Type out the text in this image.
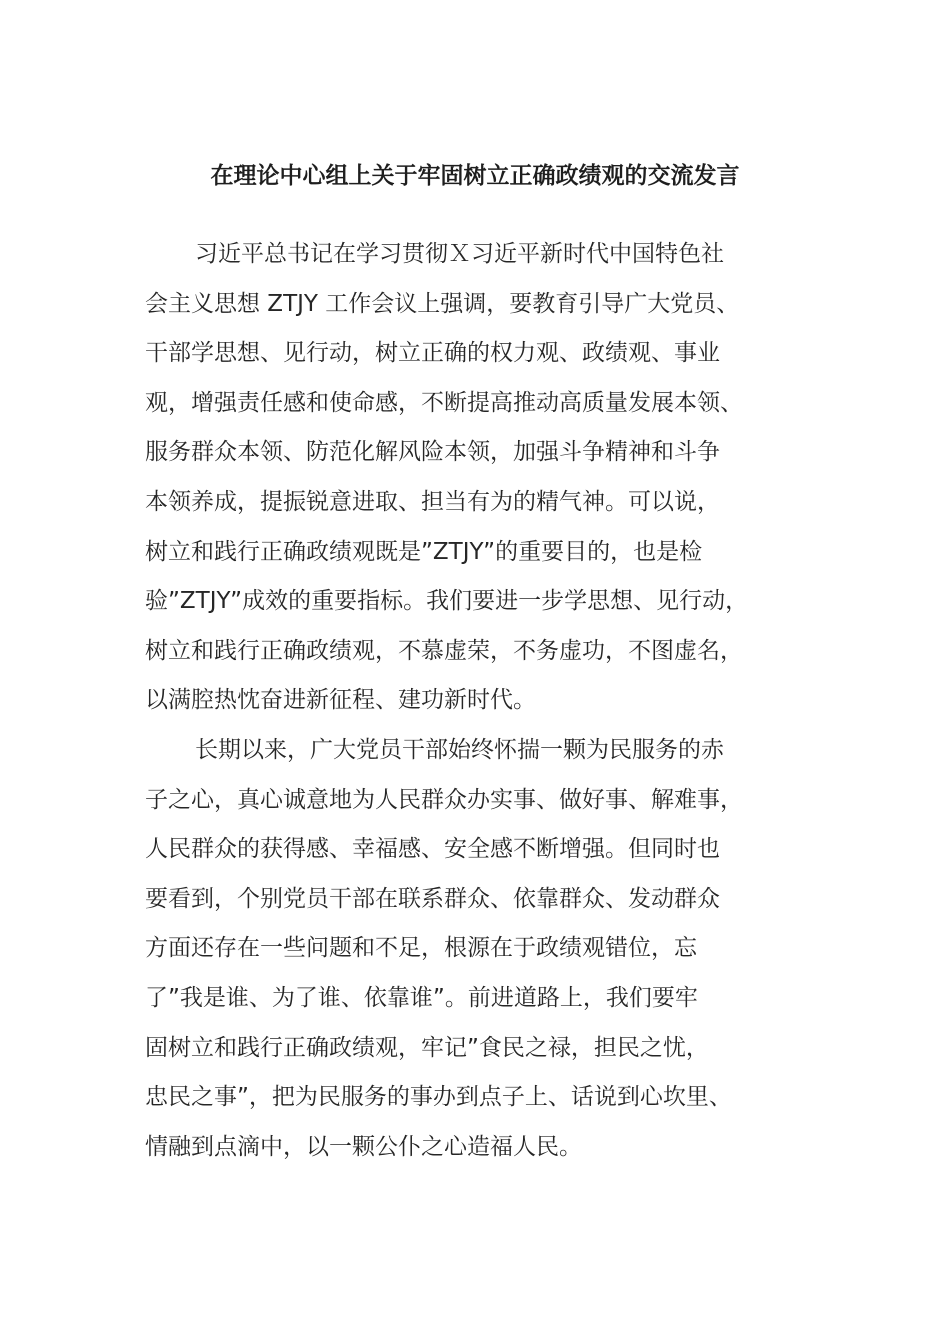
在理论中心组上关于牢固树立正确政绩观的交流发言
习近平总书记在学习贯彻Ｘ习近平新时代中国特色社
会主义思想 ZTJY 工作会议上强调，要教育引导广大党员、
干部学思想、见行动，树立正确的权力观、政绩观、事业
观，增强责任感和使命感，不断提高推动高质量发展本领、
服务群众本领、防范化解风险本领，加强斗争精神和斗争
本领养成，提振锐意进取、担当有为的精气神。可以说，
树立和践行正确政绩观既是”ZTJY”的重要目的，也是检
验”ZTJY”成效的重要指标。我们要进一步学思想、见行动，
树立和践行正确政绩观，不慕虚荣，不务虚功，不图虚名，
以满腔热忱奋进新征程、建功新时代。
长期以来，广大党员干部始终怀揣一颗为民服务的赤
子之心，真心诚意地为人民群众办实事、做好事、解难事，
人民群众的获得感、幸福感、安全感不断增强。但同时也
要看到，个别党员干部在联系群众、依靠群众、发动群众
方面还存在一些问题和不足，根源在于政绩观错位，忘
了”我是谁、为了谁、依靠谁”。前进道路上，我们要牢
固树立和践行正确政绩观，牢记”食民之禄，担民之忧，
忠民之事”，把为民服务的事办到点子上、话说到心坎里、
情融到点滴中，以一颗公仆之心造福人民。
